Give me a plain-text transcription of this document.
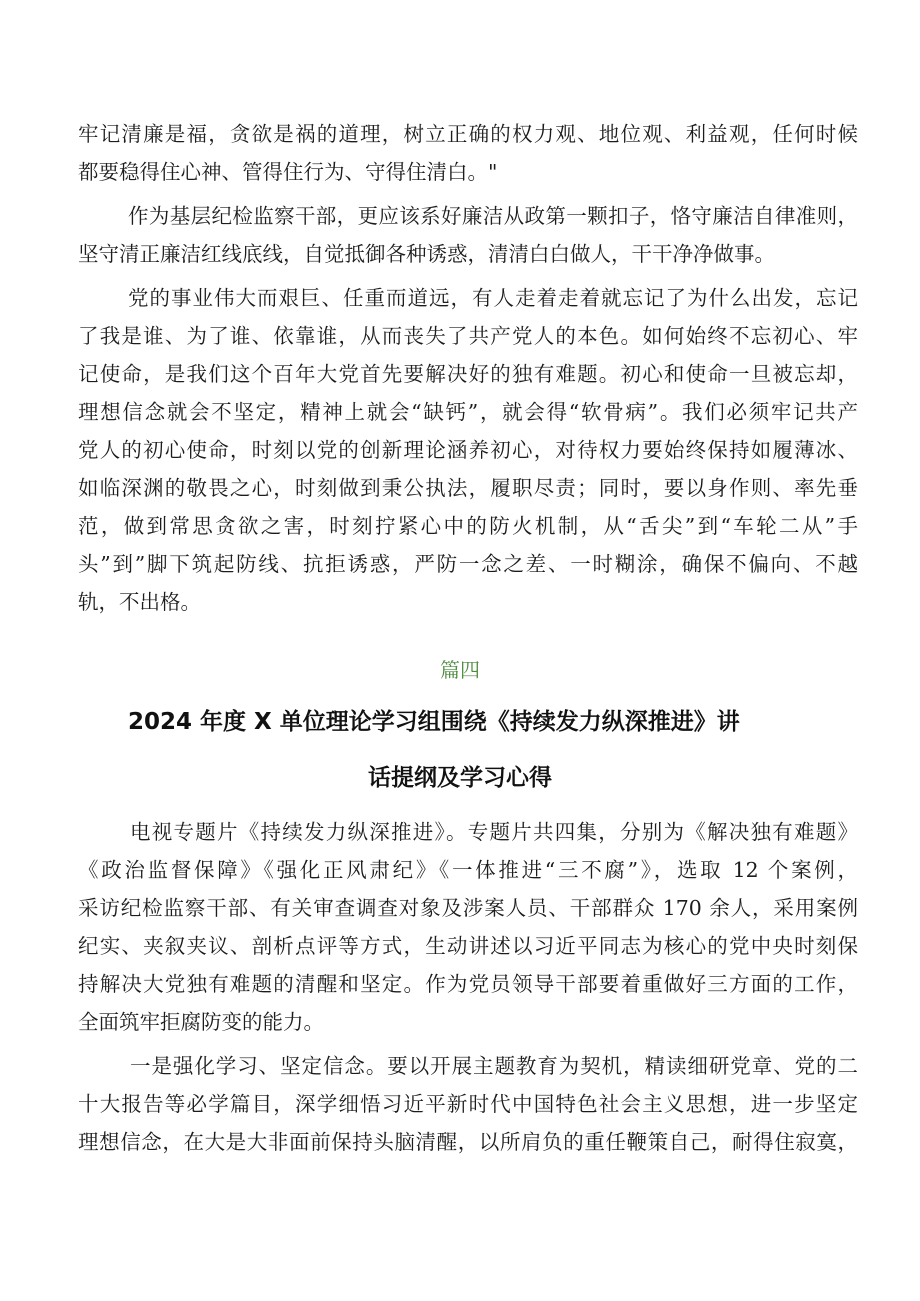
牢记清廉是福，贪欲是祸的道理，树立正确的权力观、地位观、利益观，任何时候
都要稳得住心神、管得住行为、守得住清白。"
作为基层纪检监察干部，更应该系好廉洁从政第一颗扣子，恪守廉洁自律准则，
坚守清正廉洁红线底线，自觉抵御各种诱惑，清清白白做人，干干净净做事。
党的事业伟大而艰巨、任重而道远，有人走着走着就忘记了为什么出发，忘记
了我是谁、为了谁、依靠谁，从而丧失了共产党人的本色。如何始终不忘初心、牢
记使命，是我们这个百年大党首先要解决好的独有难题。初心和使命一旦被忘却，
理想信念就会不坚定，精神上就会“缺钙”，就会得“软骨病”。我们必须牢记共产
党人的初心使命，时刻以党的创新理论涵养初心，对待权力要始终保持如履薄冰、
如临深渊的敬畏之心，时刻做到秉公执法，履职尽责；同时，要以身作则、率先垂
范，做到常思贪欲之害，时刻拧紧心中的防火机制，从“舌尖”到“车轮二从”手
头”到”脚下筑起防线、抗拒诱惑，严防一念之差、一时糊涂，确保不偏向、不越
轨，不出格。
篇四
2024 年度 X 单位理论学习组围绕《持续发力纵深推进》讲
话提纲及学习心得
电视专题片《持续发力纵深推进》。专题片共四集，分别为《解决独有难题》
《政治监督保障》《强化正风肃纪》《一体推进“三不腐”》，选取 12 个案例，
采访纪检监察干部、有关审查调查对象及涉案人员、干部群众 170 余人，采用案例
纪实、夹叙夹议、剖析点评等方式，生动讲述以习近平同志为核心的党中央时刻保
持解决大党独有难题的清醒和坚定。作为党员领导干部要着重做好三方面的工作，
全面筑牢拒腐防变的能力。
一是强化学习、坚定信念。要以开展主题教育为契机，精读细研党章、党的二
十大报告等必学篇目，深学细悟习近平新时代中国特色社会主义思想，进一步坚定
理想信念，在大是大非面前保持头脑清醒，以所肩负的重任鞭策自己，耐得住寂寞，
